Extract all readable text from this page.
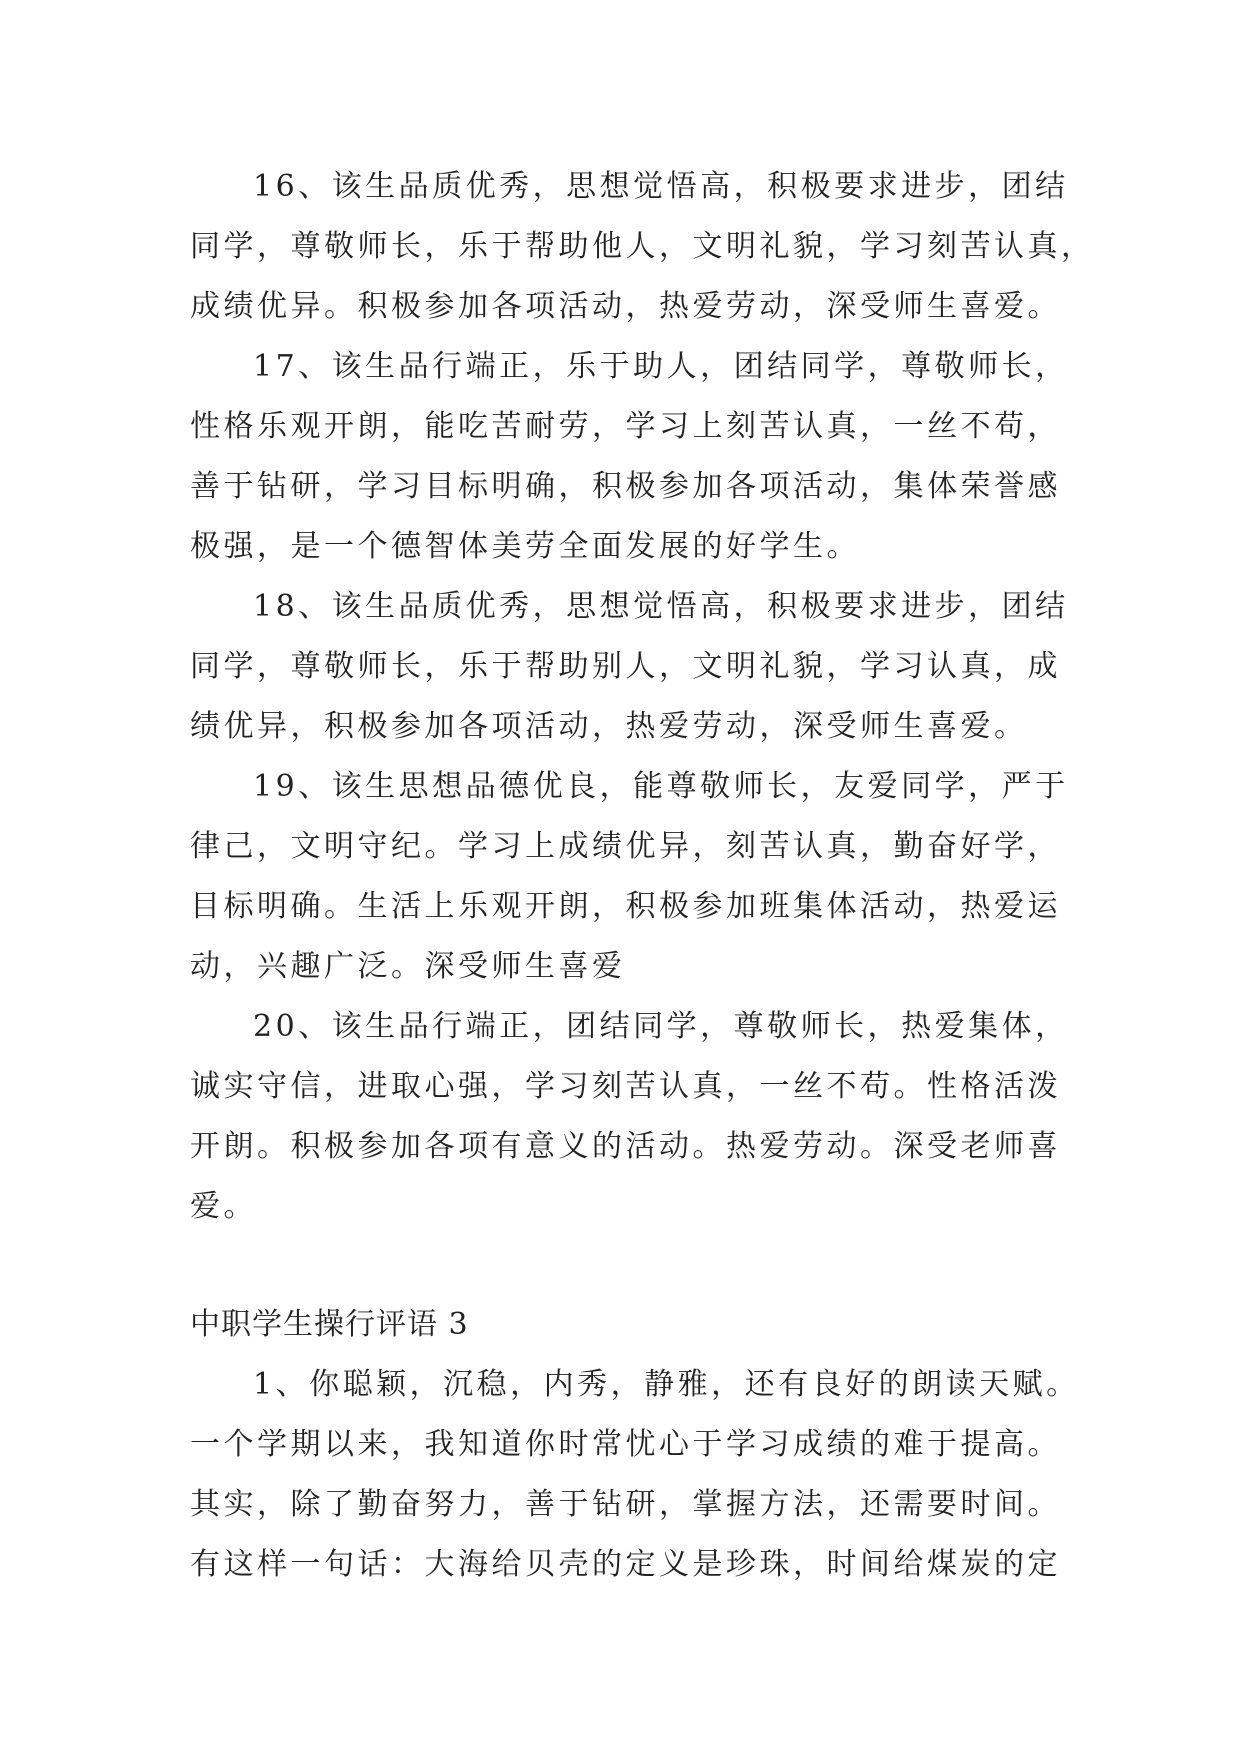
16、该生品质优秀，思想觉悟高，积极要求进步，团结
同学，尊敬师长，乐于帮助他人，文明礼貌，学习刻苦认真，
成绩优异。积极参加各项活动，热爱劳动，深受师生喜爱。
17、该生品行端正，乐于助人，团结同学，尊敬师长，
性格乐观开朗，能吃苦耐劳，学习上刻苦认真，一丝不苟，
善于钻研，学习目标明确，积极参加各项活动，集体荣誉感
极强，是一个德智体美劳全面发展的好学生。
18、该生品质优秀，思想觉悟高，积极要求进步，团结
同学，尊敬师长，乐于帮助别人，文明礼貌，学习认真，成
绩优异，积极参加各项活动，热爱劳动，深受师生喜爱。
19、该生思想品德优良，能尊敬师长，友爱同学，严于
律己，文明守纪。学习上成绩优异，刻苦认真，勤奋好学，
目标明确。生活上乐观开朗，积极参加班集体活动，热爱运
动，兴趣广泛。深受师生喜爱
20、该生品行端正，团结同学，尊敬师长，热爱集体，
诚实守信，进取心强，学习刻苦认真，一丝不苟。性格活泼
开朗。积极参加各项有意义的活动。热爱劳动。深受老师喜
爱。
中职学生操行评语 3
1、你聪颖，沉稳，内秀，静雅，还有良好的朗读天赋。
一个学期以来，我知道你时常忧心于学习成绩的难于提高。
其实，除了勤奋努力，善于钻研，掌握方法，还需要时间。
有这样一句话：大海给贝壳的定义是珍珠，时间给煤炭的定
